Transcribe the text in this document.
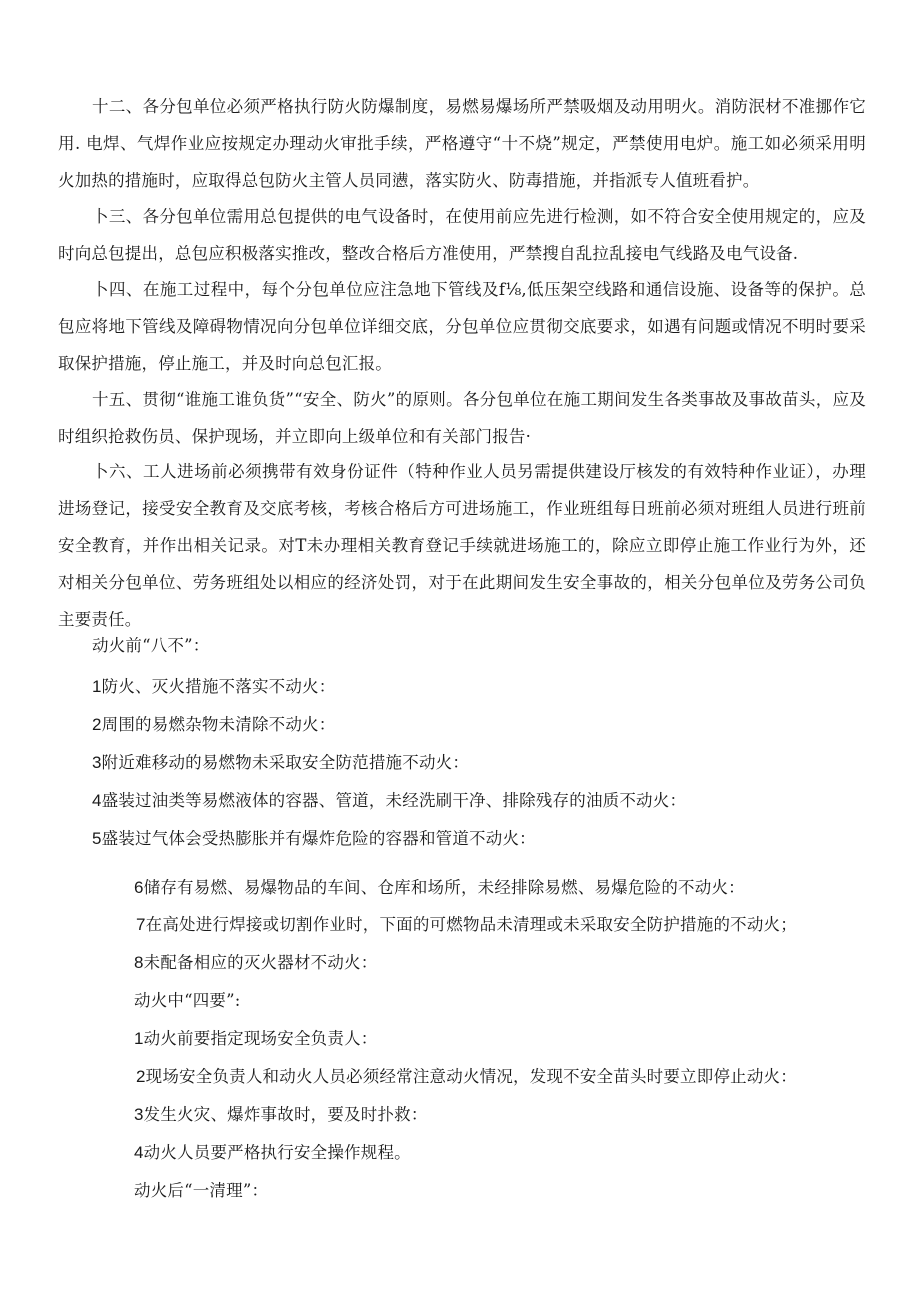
十二、各分包单位必须严格执行防火防爆制度，易燃易爆场所严禁吸烟及动用明火。消防泯材不准挪作它用. 电焊、气焊作业应按规定办理动火审批手续，严格遵守“十不烧”规定，严禁使用电炉。施工如必须采用明火加热的措施时，应取得总包防火主管人员同懑，落实防火、防毒措施，并指派专人值班看护。

卜三、各分包单位需用总包提供的电气设备时，在使用前应先进行检测，如不符合安全使用规定的，应及时向总包提出，总包应积极落实推改，整改合格后方准使用，严禁搜自乱拉乱接电气线路及电气设备.

卜四、在施工过程中，每个分包单位应注急地下管线及f⅛,低压架空线路和通信设施、设备等的保护。总包应将地下管线及障碍物情况向分包单位详细交底，分包单位应贯彻交底要求，如遇有问题或情况不明时要采取保护措施，停止施工，并及时向总包汇报。

十五、贯彻“谁施工谁负货”“安全、防火”的原则。各分包单位在施工期间发生各类事故及事故苗头，应及时组织抢救伤员、保护现场，并立即向上级单位和有关部门报告·

卜六、工人进场前必须携带有效身份证件（特种作业人员另需提供建设厅核发的有效特种作业证），办理进场登记，接受安全教育及交底考核，考核合格后方可进场施工，作业班组每日班前必须对班组人员进行班前安全教育，并作出相关记录。对T未办理相关教育登记手续就进场施工的，除应立即停止施工作业行为外，还对相关分包单位、劳务班组处以相应的经济处罚，对于在此期间发生安全事故的，相关分包单位及劳务公司负主要责任。

动火前“八不”：

1防火、灭火措施不落实不动火：

2周围的易燃杂物未清除不动火：

3附近难移动的易燃物未采取安全防范措施不动火：

4盛装过油类等易燃液体的容器、管道，未经洗刷干净、排除残存的油质不动火：

5盛装过气体会受热膨胀并有爆炸危险的容器和管道不动火：

6储存有易燃、易爆物品的车间、仓库和场所，未经排除易燃、易爆危险的不动火：

7在高处进行焊接或切割作业时，下面的可燃物品未清理或未采取安全防护措施的不动火；

8未配备相应的灭火器材不动火：

动火中“四要”:

1动火前要指定现场安全负责人：

2现场安全负责人和动火人员必须经常注意动火情况，发现不安全苗头时要立即停止动火：

3发生火灾、爆炸事故时，要及时扑救：

4动火人员要严格执行安全操作规程。

动火后“一清理”：
